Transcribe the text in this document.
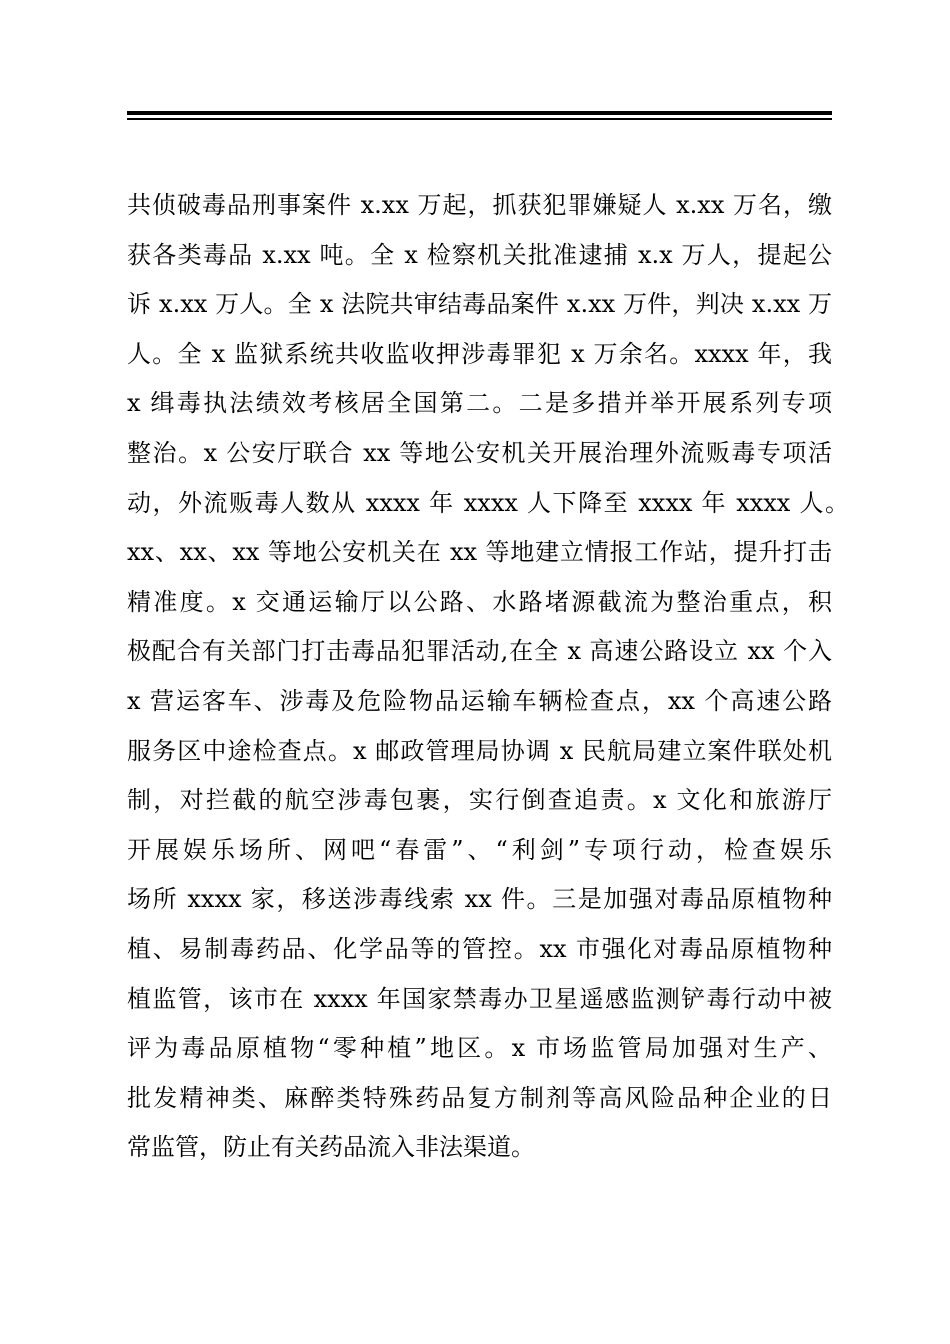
共侦破毒品刑事案件 x.xx 万起，抓获犯罪嫌疑人 x.xx 万名，缴
获各类毒品 x.xx 吨。全 x 检察机关批准逮捕 x.x 万人，提起公
诉 x.xx 万人。全 x 法院共审结毒品案件 x.xx 万件，判决 x.xx 万
人。全 x 监狱系统共收监收押涉毒罪犯 x 万余名。xxxx 年，我
x 缉毒执法绩效考核居全国第二。二是多措并举开展系列专项
整治。x 公安厅联合 xx 等地公安机关开展治理外流贩毒专项活
动，外流贩毒人数从 xxxx 年 xxxx 人下降至 xxxx 年 xxxx 人。
xx、xx、xx 等地公安机关在 xx 等地建立情报工作站，提升打击
精准度。x 交通运输厅以公路、水路堵源截流为整治重点，积
极配合有关部门打击毒品犯罪活动,在全 x 高速公路设立 xx 个入
x 营运客车、涉毒及危险物品运输车辆检查点，xx 个高速公路
服务区中途检查点。x 邮政管理局协调 x 民航局建立案件联处机
制，对拦截的航空涉毒包裹，实行倒查追责。x 文化和旅游厅
开展娱乐场所、网吧“春雷”、“利剑”专项行动，检查娱乐
场所 xxxx 家，移送涉毒线索 xx 件。三是加强对毒品原植物种
植、易制毒药品、化学品等的管控。xx 市强化对毒品原植物种
植监管，该市在 xxxx 年国家禁毒办卫星遥感监测铲毒行动中被
评为毒品原植物“零种植”地区。x 市场监管局加强对生产、
批发精神类、麻醉类特殊药品复方制剂等高风险品种企业的日
常监管，防止有关药品流入非法渠道。
